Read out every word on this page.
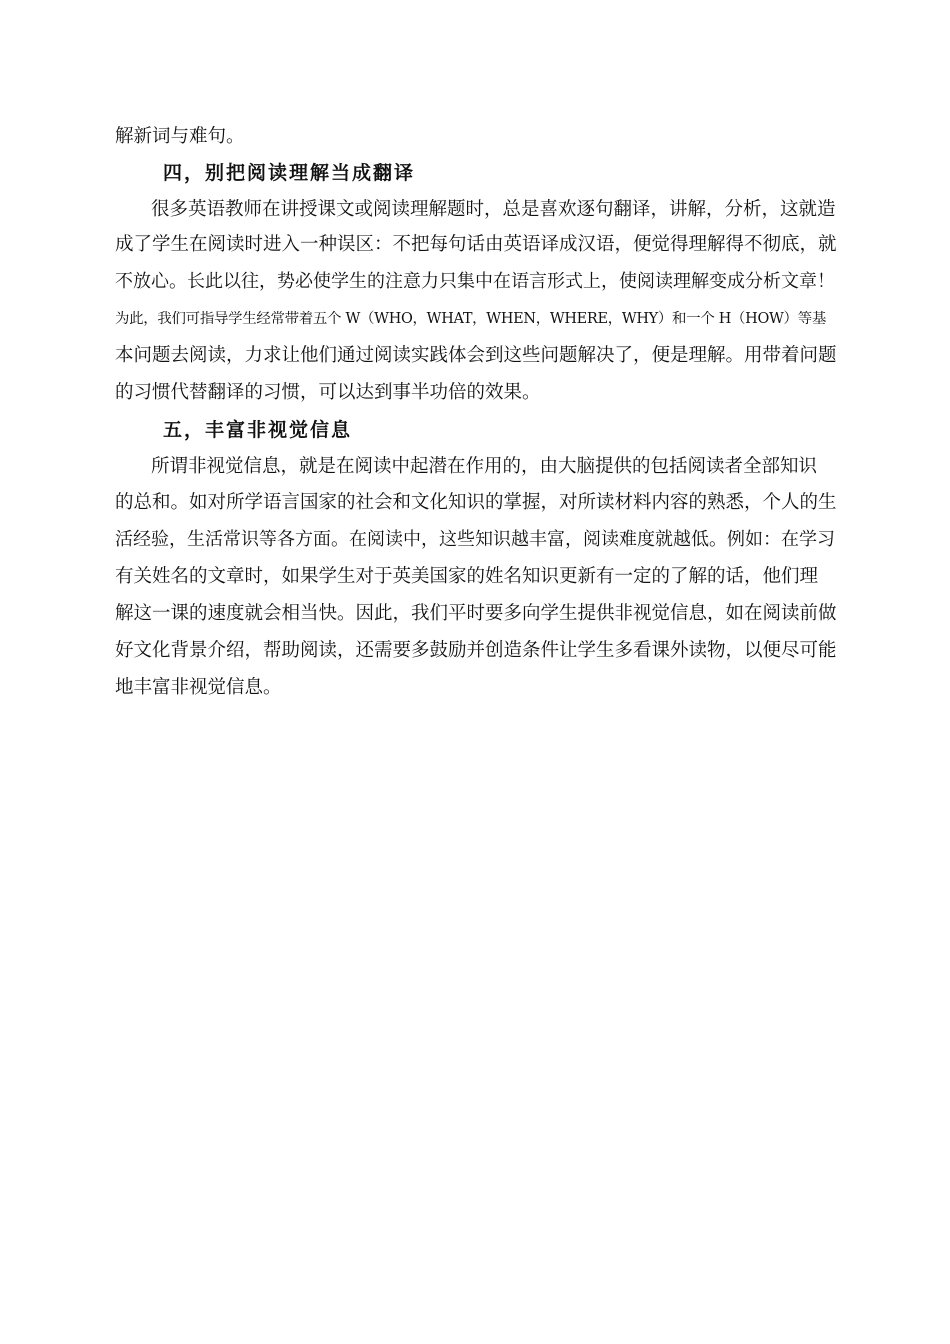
解新词与难句。
四，别把阅读理解当成翻译
很多英语教师在讲授课文或阅读理解题时，总是喜欢逐句翻译，讲解，分析，这就造
成了学生在阅读时进入一种误区：不把每句话由英语译成汉语，便觉得理解得不彻底，就
不放心。长此以往，势必使学生的注意力只集中在语言形式上，使阅读理解变成分析文章！
为此，我们可指导学生经常带着五个 W（WHO，WHAT，WHEN，WHERE，WHY）和一个 H（HOW）等基
本问题去阅读，力求让他们通过阅读实践体会到这些问题解决了，便是理解。用带着问题
的习惯代替翻译的习惯，可以达到事半功倍的效果。
五，丰富非视觉信息
所谓非视觉信息，就是在阅读中起潜在作用的，由大脑提供的包括阅读者全部知识
的总和。如对所学语言国家的社会和文化知识的掌握，对所读材料内容的熟悉，个人的生
活经验，生活常识等各方面。在阅读中，这些知识越丰富，阅读难度就越低。例如：在学习
有关姓名的文章时，如果学生对于英美国家的姓名知识更新有一定的了解的话，他们理
解这一课的速度就会相当快。因此，我们平时要多向学生提供非视觉信息，如在阅读前做
好文化背景介绍，帮助阅读，还需要多鼓励并创造条件让学生多看课外读物，以便尽可能
地丰富非视觉信息。
